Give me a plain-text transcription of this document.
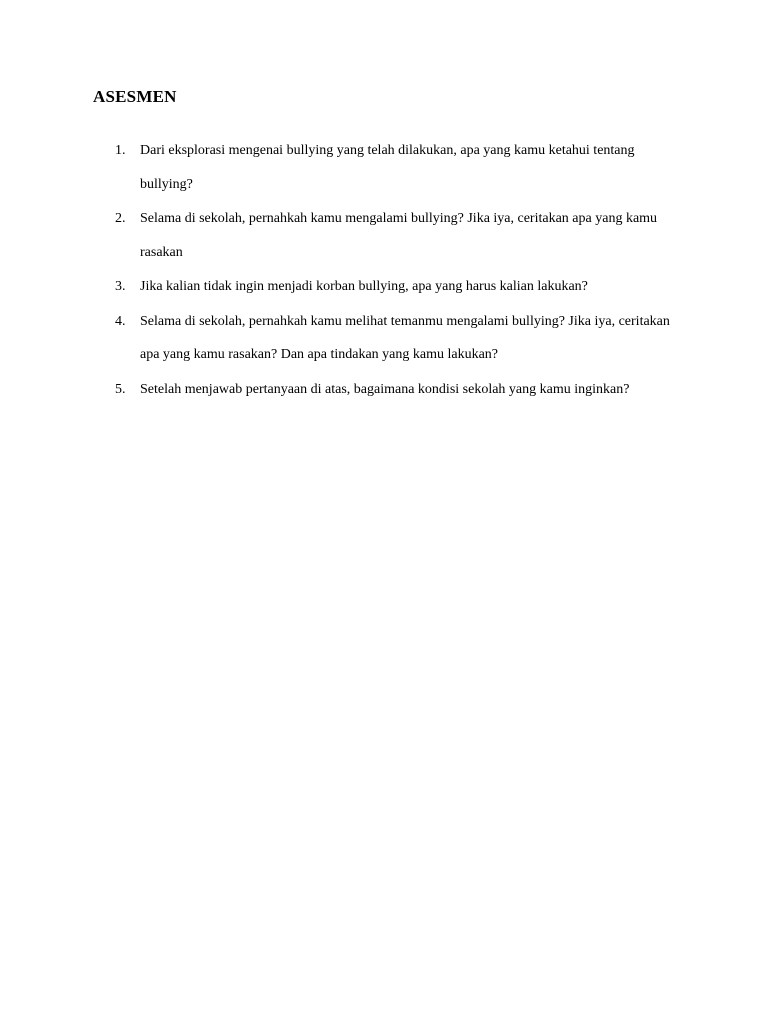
ASESMEN
1. Dari eksplorasi mengenai bullying yang telah dilakukan, apa yang kamu ketahui tentang bullying?
2. Selama di sekolah, pernahkah kamu mengalami bullying? Jika iya, ceritakan apa yang kamu rasakan
3. Jika kalian tidak ingin menjadi korban bullying, apa yang harus kalian lakukan?
4. Selama di sekolah, pernahkah kamu melihat temanmu mengalami bullying? Jika iya, ceritakan apa yang kamu rasakan? Dan apa tindakan yang kamu lakukan?
5. Setelah menjawab pertanyaan di atas, bagaimana kondisi sekolah yang kamu inginkan?
